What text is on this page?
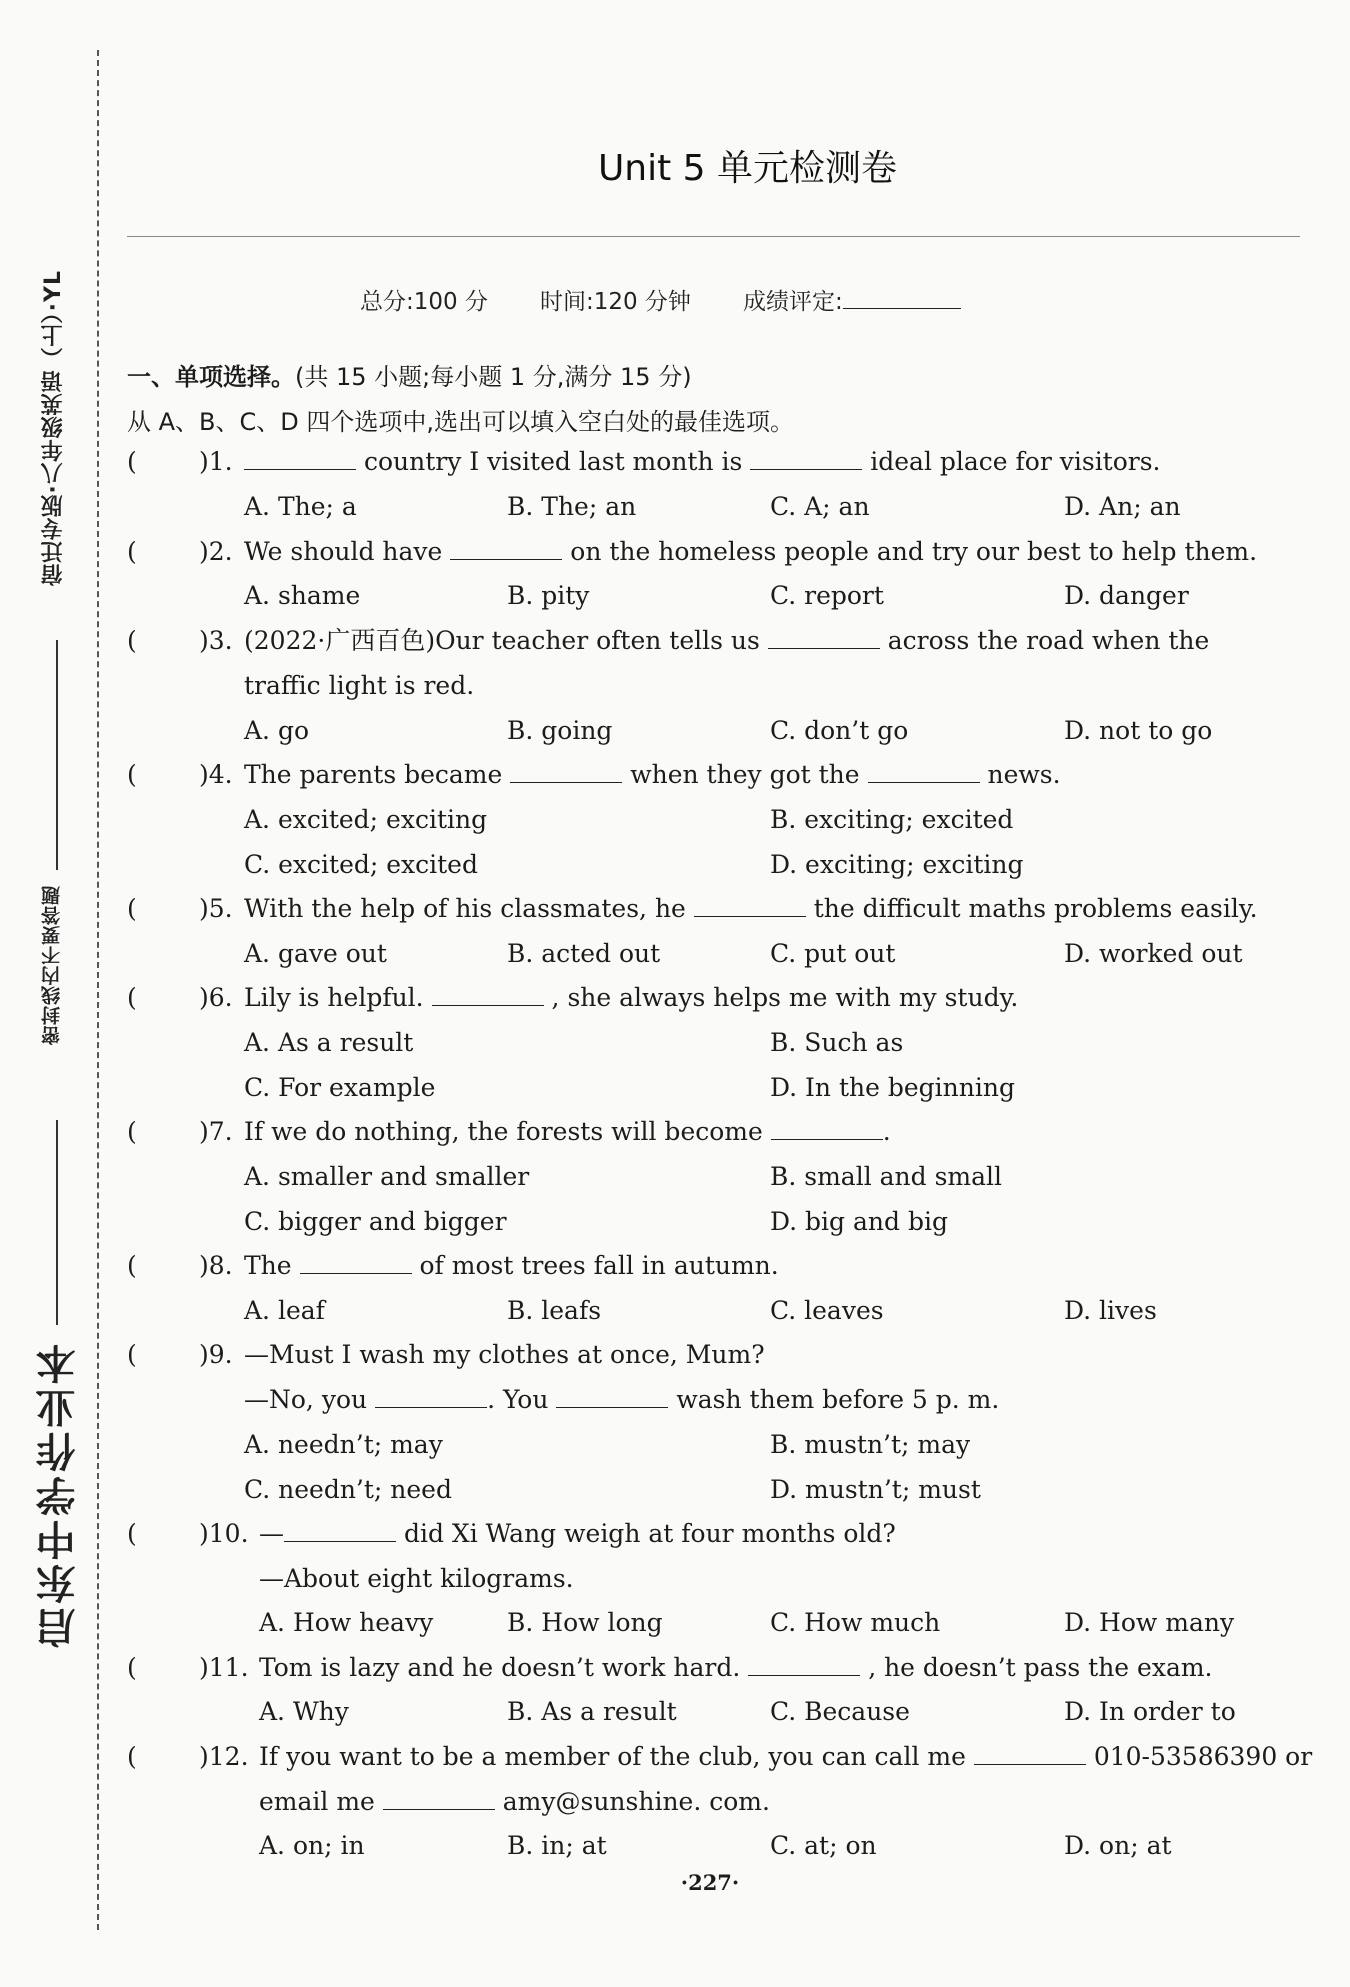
宿迁专版·八年级英语（上）·YL
密封线内不要答题
启东中学作业本
Unit 5 单元检测卷
总分:100 分 时间:120 分钟 成绩评定:
一、单项选择。(共 15 小题;每小题 1 分,满分 15 分)
从 A、B、C、D 四个选项中,选出可以填入空白处的最佳选项。
( )1.	country I visited last month is	ideal place for visitors.
A. The; a	B. The; an	C. A; an	D. An; an
( )2. We should have	on the homeless people and try our best to help them.
A. shame	B. pity	C. report	D. danger
( )3. (2022·广西百色)Our teacher often tells us	across the road when the
traffic light is red.
A. go	B. going	C. don’t go	D. not to go
( )4. The parents became	when they got the	news.
A. excited; exciting	B. exciting; excited
C. excited; excited	D. exciting; exciting
( )5. With the help of his classmates, he	the difficult maths problems easily.
A. gave out	B. acted out	C. put out	D. worked out
( )6. Lily is helpful.	, she always helps me with my study.
A. As a result	B. Such as
C. For example	D. In the beginning
( )7. If we do nothing, the forests will become	.
A. smaller and smaller	B. small and small
C. bigger and bigger	D. big and big
( )8. The	of most trees fall in autumn.
A. leaf	B. leafs	C. leaves	D. lives
( )9. —Must I wash my clothes at once, Mum?
—No, you	. You	wash them before 5 p. m.
A. needn’t; may	B. mustn’t; may
C. needn’t; need	D. mustn’t; must
( )10. —	did Xi Wang weigh at four months old?
—About eight kilograms.
A. How heavy	B. How long	C. How much	D. How many
( )11. Tom is lazy and he doesn’t work hard.	, he doesn’t pass the exam.
A. Why	B. As a result	C. Because	D. In order to
( )12. If you want to be a member of the club, you can call me	010-53586390 or
email me	amy@sunshine. com.
A. on; in	B. in; at	C. at; on	D. on; at
·227·
